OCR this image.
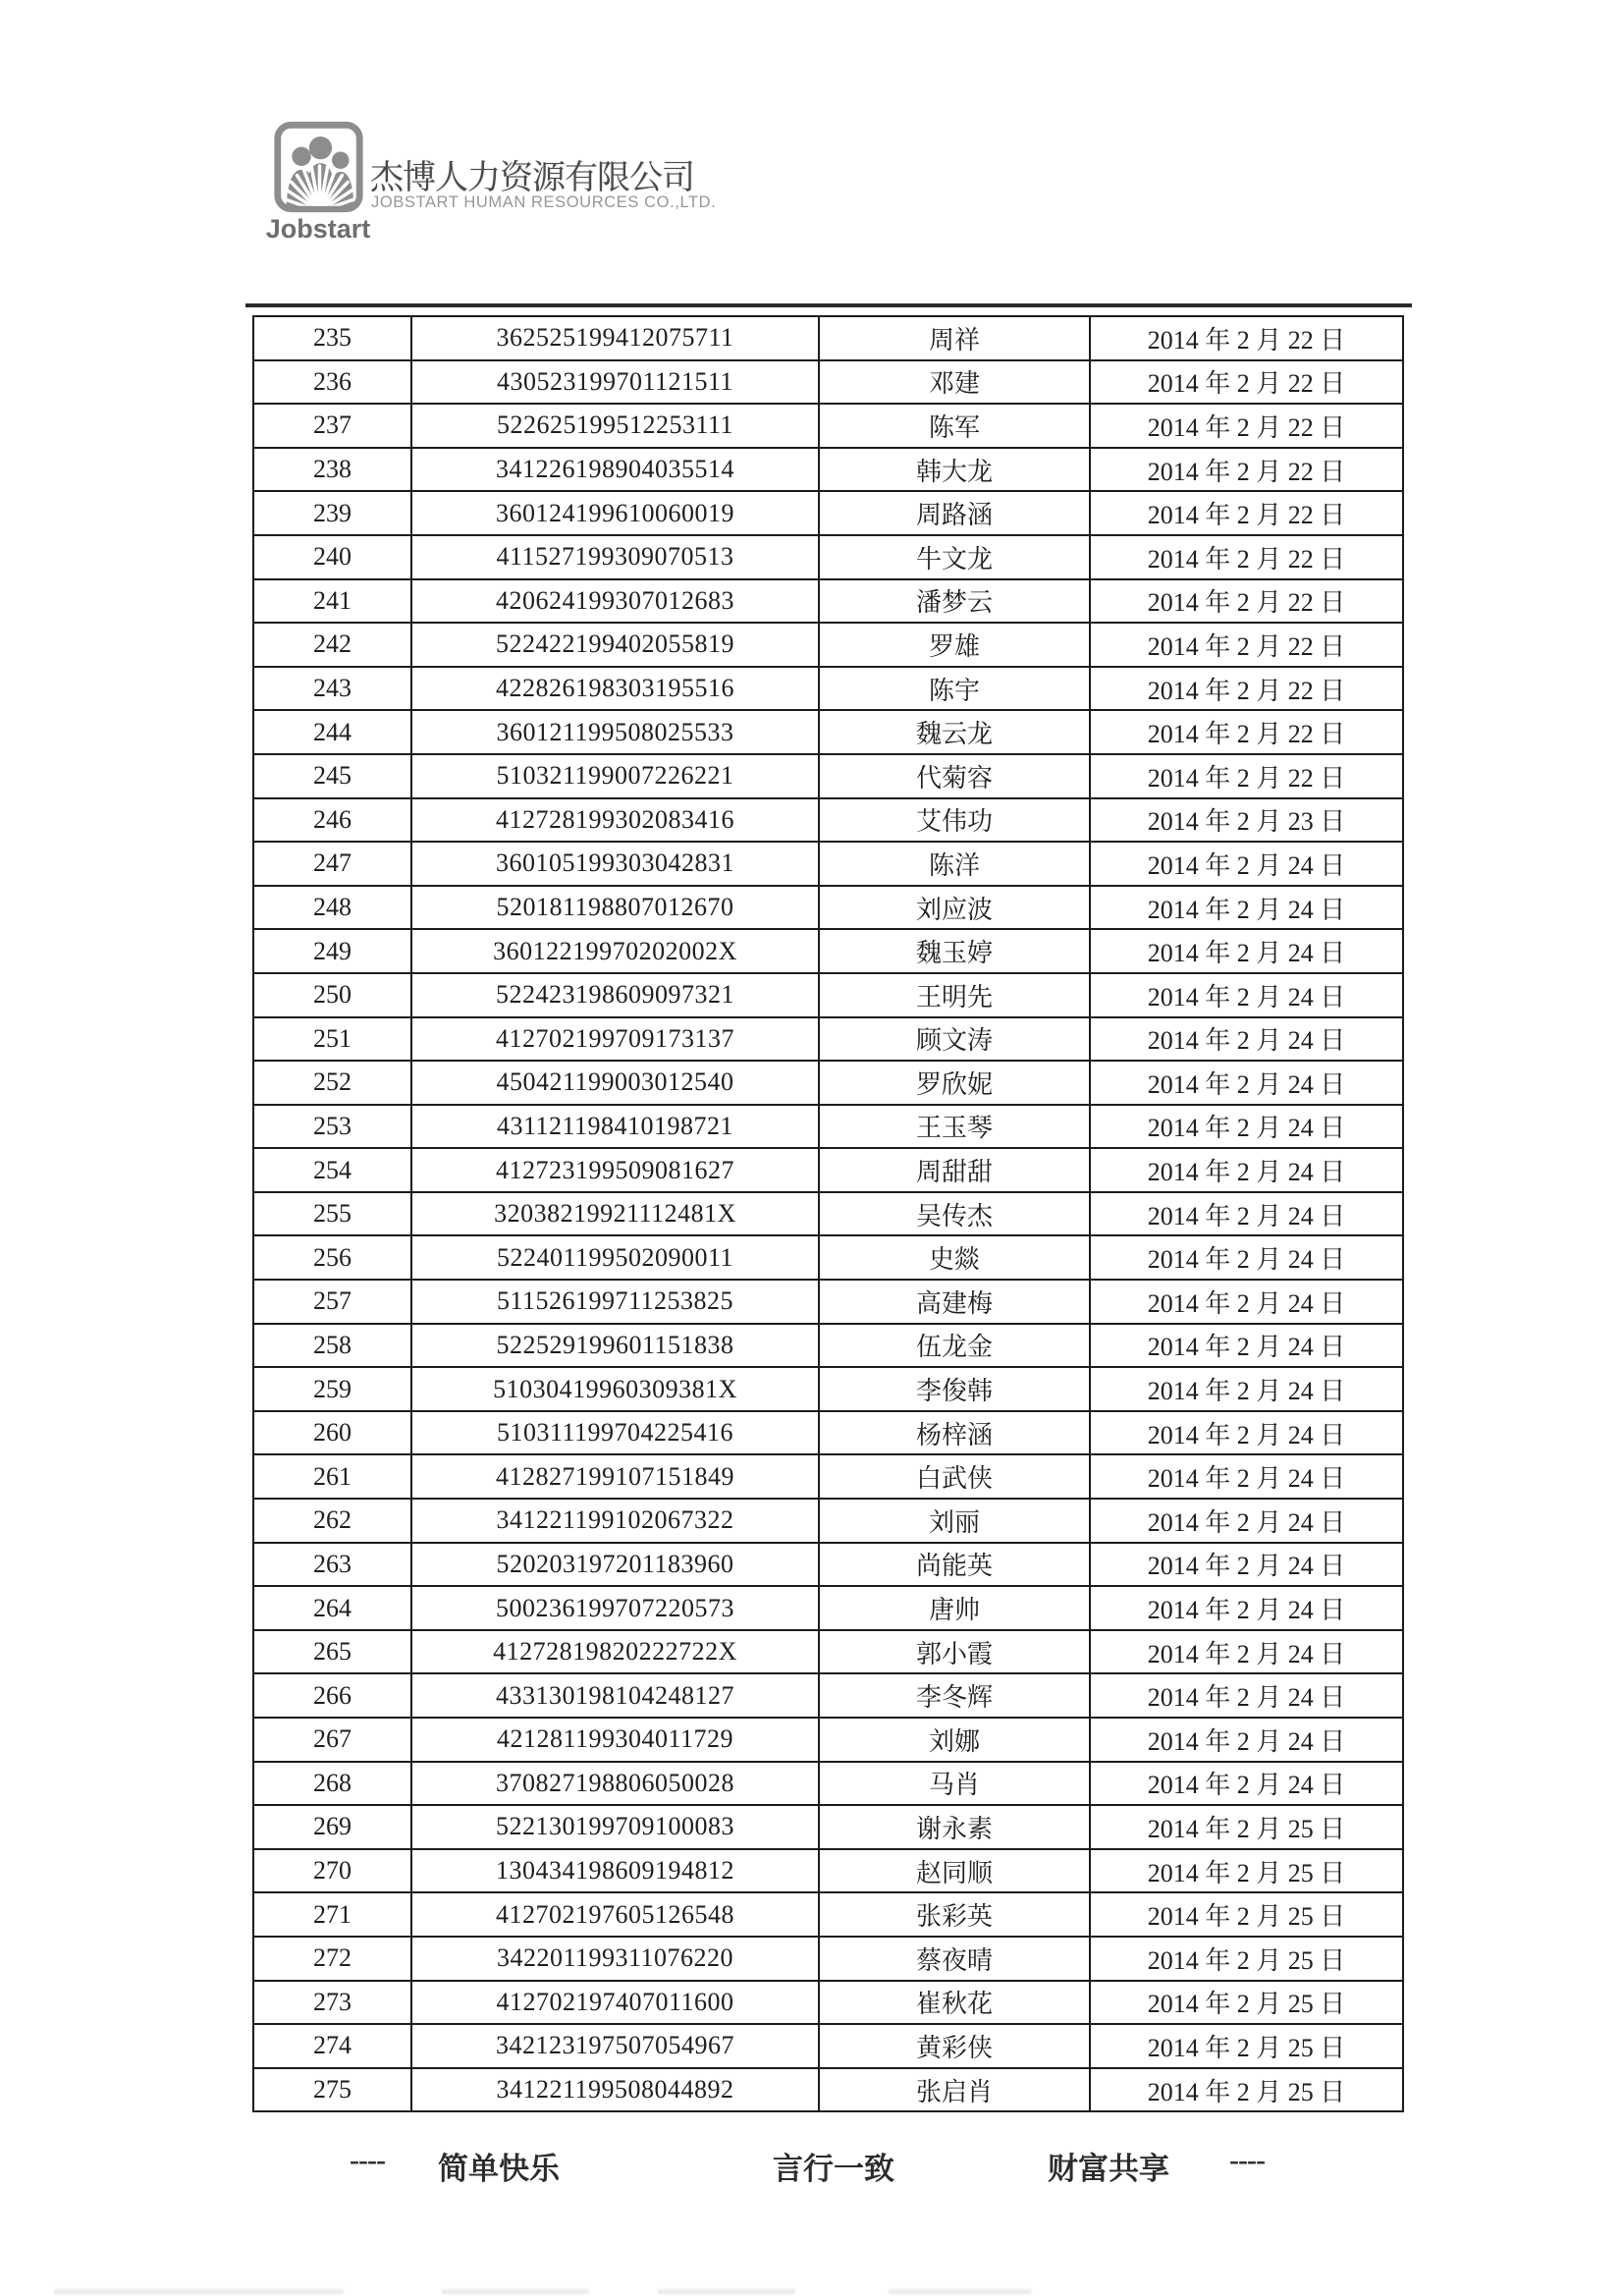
Jobstart
杰博人力资源有限公司
JOBSTART HUMAN RESOURCES CO.,LTD.
235	362525199412075711	周祥	2014 年 2 月 22 日
236	430523199701121511	邓建	2014 年 2 月 22 日
237	522625199512253111	陈军	2014 年 2 月 22 日
238	341226198904035514	韩大龙	2014 年 2 月 22 日
239	360124199610060019	周路涵	2014 年 2 月 22 日
240	411527199309070513	牛文龙	2014 年 2 月 22 日
241	420624199307012683	潘梦云	2014 年 2 月 22 日
242	522422199402055819	罗雄	2014 年 2 月 22 日
243	422826198303195516	陈宇	2014 年 2 月 22 日
244	360121199508025533	魏云龙	2014 年 2 月 22 日
245	510321199007226221	代菊容	2014 年 2 月 22 日
246	412728199302083416	艾伟功	2014 年 2 月 23 日
247	360105199303042831	陈洋	2014 年 2 月 24 日
248	520181198807012670	刘应波	2014 年 2 月 24 日
249	36012219970202002X	魏玉婷	2014 年 2 月 24 日
250	522423198609097321	王明先	2014 年 2 月 24 日
251	412702199709173137	顾文涛	2014 年 2 月 24 日
252	450421199003012540	罗欣妮	2014 年 2 月 24 日
253	431121198410198721	王玉琴	2014 年 2 月 24 日
254	412723199509081627	周甜甜	2014 年 2 月 24 日
255	32038219921112481X	吴传杰	2014 年 2 月 24 日
256	522401199502090011	史燚	2014 年 2 月 24 日
257	511526199711253825	高建梅	2014 年 2 月 24 日
258	522529199601151838	伍龙金	2014 年 2 月 24 日
259	51030419960309381X	李俊韩	2014 年 2 月 24 日
260	510311199704225416	杨梓涵	2014 年 2 月 24 日
261	412827199107151849	白武侠	2014 年 2 月 24 日
262	341221199102067322	刘丽	2014 年 2 月 24 日
263	520203197201183960	尚能英	2014 年 2 月 24 日
264	500236199707220573	唐帅	2014 年 2 月 24 日
265	41272819820222722X	郭小霞	2014 年 2 月 24 日
266	433130198104248127	李冬辉	2014 年 2 月 24 日
267	421281199304011729	刘娜	2014 年 2 月 24 日
268	370827198806050028	马肖	2014 年 2 月 24 日
269	522130199709100083	谢永素	2014 年 2 月 25 日
270	130434198609194812	赵同顺	2014 年 2 月 25 日
271	412702197605126548	张彩英	2014 年 2 月 25 日
272	342201199311076220	蔡夜晴	2014 年 2 月 25 日
273	412702197407011600	崔秋花	2014 年 2 月 25 日
274	342123197507054967	黄彩侠	2014 年 2 月 25 日
275	341221199508044892	张启肖	2014 年 2 月 25 日
---- 简单快乐	言行一致	财富共享 ----
